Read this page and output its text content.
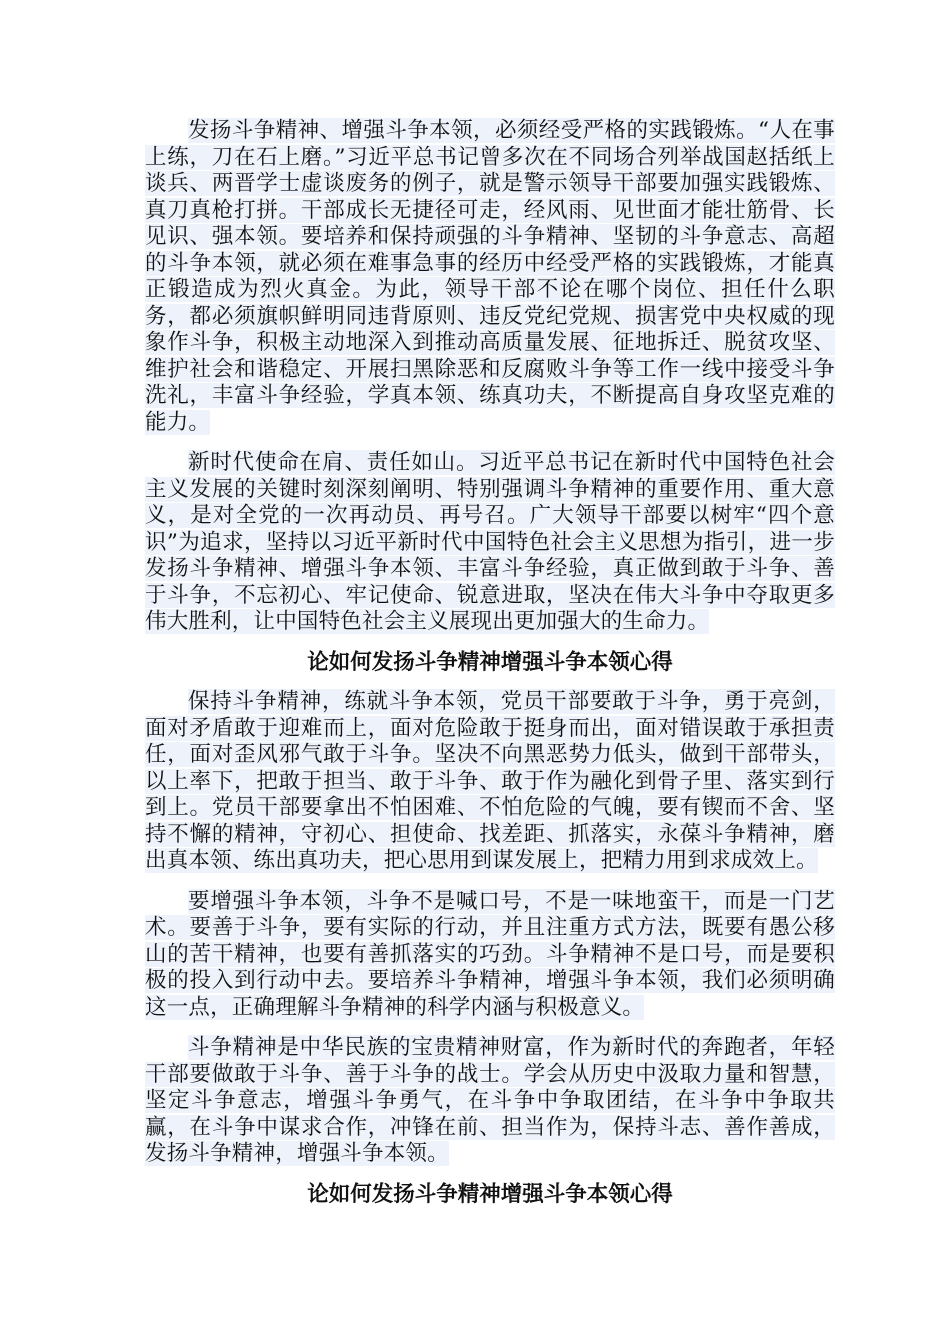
发扬斗争精神、增强斗争本领，必须经受严格的实践锻炼。“人在事上练，刀在石上磨。”习近平总书记曾多次在不同场合列举战国赵括纸上谈兵、两晋学士虚谈废务的例子，就是警示领导干部要加强实践锻炼、真刀真枪打拼。干部成长无捷径可走，经风雨、见世面才能壮筋骨、长见识、强本领。要培养和保持顽强的斗争精神、坚韧的斗争意志、高超的斗争本领，就必须在难事急事的经历中经受严格的实践锻炼，才能真正锻造成为烈火真金。为此，领导干部不论在哪个岗位、担任什么职务，都必须旗帜鲜明同违背原则、违反党纪党规、损害党中央权威的现象作斗争，积极主动地深入到推动高质量发展、征地拆迁、脱贫攻坚、维护社会和谐稳定、开展扫黑除恶和反腐败斗争等工作一线中接受斗争洗礼，丰富斗争经验，学真本领、练真功夫，不断提高自身攻坚克难的能力。

新时代使命在肩、责任如山。习近平总书记在新时代中国特色社会主义发展的关键时刻深刻阐明、特别强调斗争精神的重要作用、重大意义，是对全党的一次再动员、再号召。广大领导干部要以树牢“四个意识”为追求，坚持以习近平新时代中国特色社会主义思想为指引，进一步发扬斗争精神、增强斗争本领、丰富斗争经验，真正做到敢于斗争、善于斗争，不忘初心、牢记使命、锐意进取，坚决在伟大斗争中夺取更多伟大胜利，让中国特色社会主义展现出更加强大的生命力。

论如何发扬斗争精神增强斗争本领心得

保持斗争精神，练就斗争本领，党员干部要敢于斗争，勇于亮剑，面对矛盾敢于迎难而上，面对危险敢于挺身而出，面对错误敢于承担责任，面对歪风邪气敢于斗争。坚决不向黑恶势力低头，做到干部带头，以上率下，把敢于担当、敢于斗争、敢于作为融化到骨子里、落实到行到上。党员干部要拿出不怕困难、不怕危险的气魄，要有锲而不舍、坚持不懈的精神，守初心、担使命、找差距、抓落实，永葆斗争精神，磨出真本领、练出真功夫，把心思用到谋发展上，把精力用到求成效上。

要增强斗争本领，斗争不是喊口号，不是一味地蛮干，而是一门艺术。要善于斗争，要有实际的行动，并且注重方式方法，既要有愚公移山的苦干精神，也要有善抓落实的巧劲。斗争精神不是口号，而是要积极的投入到行动中去。要培养斗争精神，增强斗争本领，我们必须明确这一点，正确理解斗争精神的科学内涵与积极意义。

斗争精神是中华民族的宝贵精神财富，作为新时代的奔跑者，年轻干部要做敢于斗争、善于斗争的战士。学会从历史中汲取力量和智慧，坚定斗争意志，增强斗争勇气，在斗争中争取团结，在斗争中争取共赢，在斗争中谋求合作，冲锋在前、担当作为，保持斗志、善作善成，发扬斗争精神，增强斗争本领。

论如何发扬斗争精神增强斗争本领心得
